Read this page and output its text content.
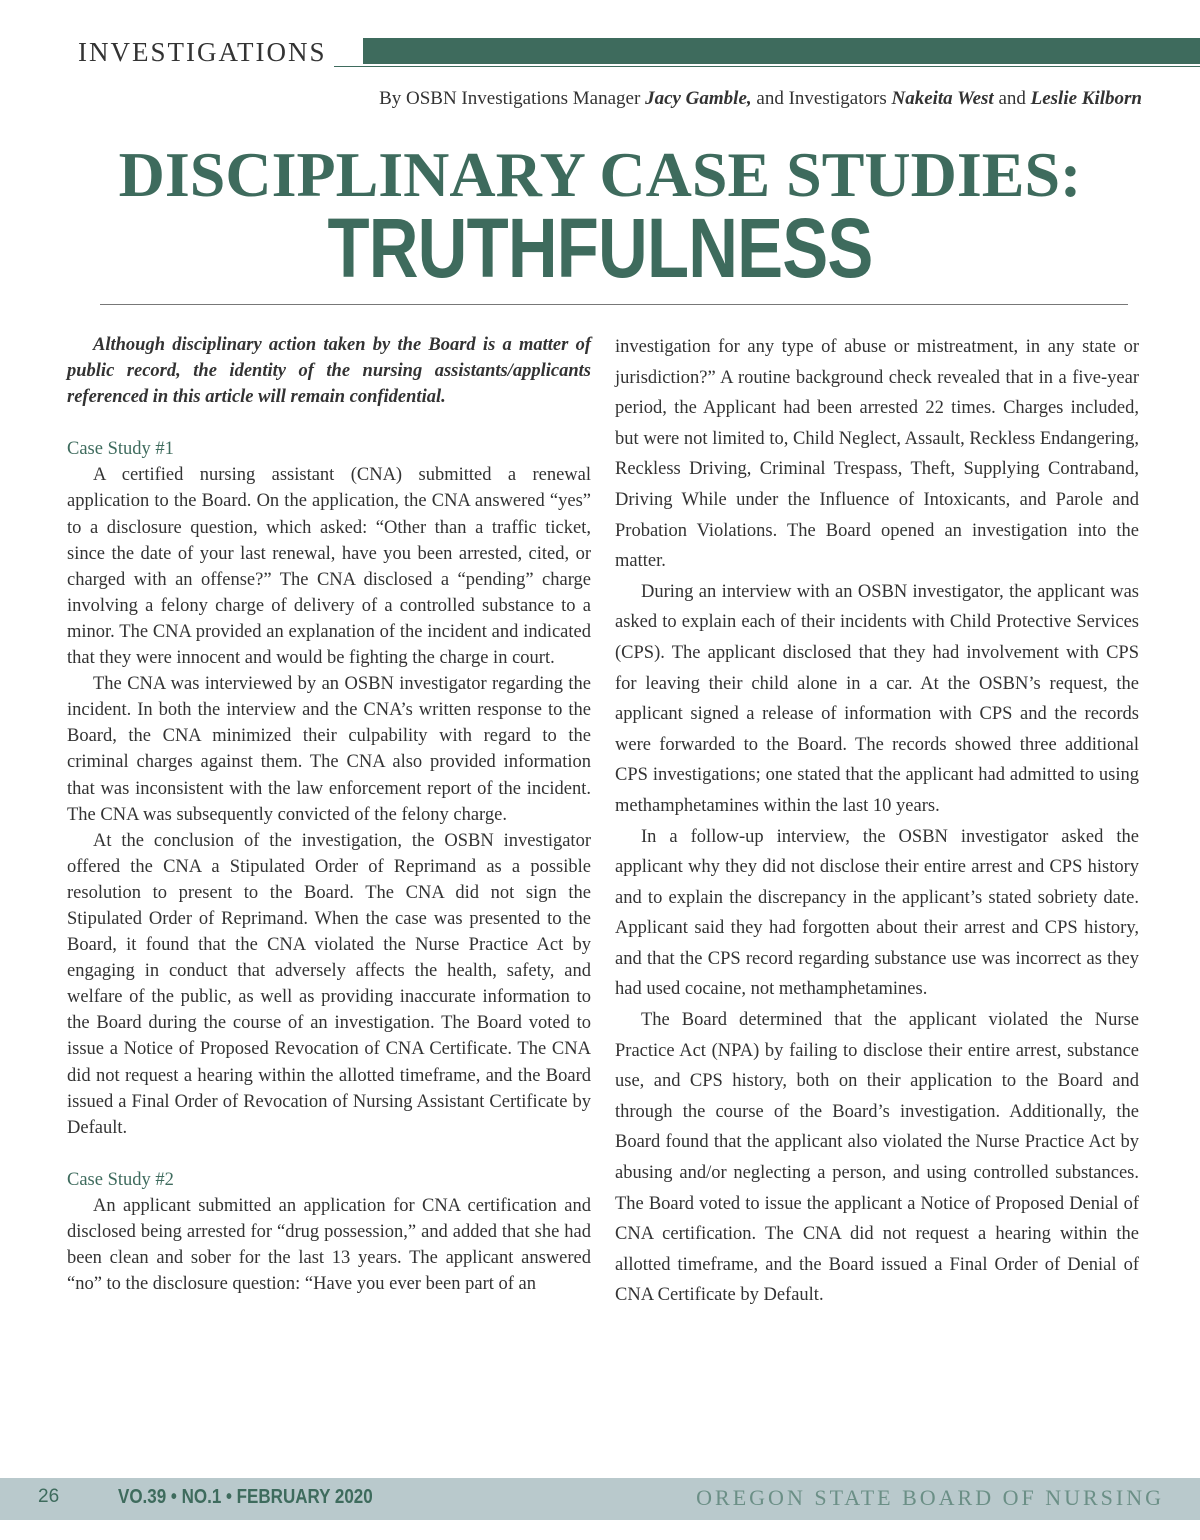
INVESTIGATIONS
By OSBN Investigations Manager Jacy Gamble, and Investigators Nakeita West and Leslie Kilborn
DISCIPLINARY CASE STUDIES:
TRUTHFULNESS

Although disciplinary action taken by the Board is a matter of public record, the identity of the nursing assistants/applicants referenced in this article will remain confidential.

Case Study #1

A certified nursing assistant (CNA) submitted a renewal application to the Board. On the application, the CNA answered “yes” to a disclosure question, which asked: “Other than a traffic ticket, since the date of your last renewal, have you been arrested, cited, or charged with an offense?” The CNA disclosed a “pending” charge involving a felony charge of delivery of a controlled substance to a minor. The CNA provided an explanation of the incident and indicated that they were innocent and would be fighting the charge in court.

The CNA was interviewed by an OSBN investigator regarding the incident. In both the interview and the CNA’s written response to the Board, the CNA minimized their culpability with regard to the criminal charges against them. The CNA also provided information that was inconsistent with the law enforcement report of the incident. The CNA was subsequently convicted of the felony charge.

At the conclusion of the investigation, the OSBN investigator offered the CNA a Stipulated Order of Reprimand as a possible resolution to present to the Board. The CNA did not sign the Stipulated Order of Reprimand. When the case was presented to the Board, it found that the CNA violated the Nurse Practice Act by engaging in conduct that adversely affects the health, safety, and welfare of the public, as well as providing inaccurate information to the Board during the course of an investigation. The Board voted to issue a Notice of Proposed Revocation of CNA Certificate. The CNA did not request a hearing within the allotted timeframe, and the Board issued a Final Order of Revocation of Nursing Assistant Certificate by Default.

Case Study #2

An applicant submitted an application for CNA certification and disclosed being arrested for “drug possession,” and added that she had been clean and sober for the last 13 years. The applicant answered “no” to the disclosure question: “Have you ever been part of an

investigation for any type of abuse or mistreatment, in any state or jurisdiction?” A routine background check revealed that in a five-year period, the Applicant had been arrested 22 times. Charges included, but were not limited to, Child Neglect, Assault, Reckless Endangering, Reckless Driving, Criminal Trespass, Theft, Supplying Contraband, Driving While under the Influence of Intoxicants, and Parole and Probation Violations. The Board opened an investigation into the matter.

During an interview with an OSBN investigator, the applicant was asked to explain each of their incidents with Child Protective Services (CPS). The applicant disclosed that they had involvement with CPS for leaving their child alone in a car. At the OSBN’s request, the applicant signed a release of information with CPS and the records were forwarded to the Board. The records showed three additional CPS investigations; one stated that the applicant had admitted to using methamphetamines within the last 10 years.

In a follow-up interview, the OSBN investigator asked the applicant why they did not disclose their entire arrest and CPS history and to explain the discrepancy in the applicant’s stated sobriety date. Applicant said they had forgotten about their arrest and CPS history, and that the CPS record regarding substance use was incorrect as they had used cocaine, not methamphetamines.

The Board determined that the applicant violated the Nurse Practice Act (NPA) by failing to disclose their entire arrest, substance use, and CPS history, both on their application to the Board and through the course of the Board’s investigation. Additionally, the Board found that the applicant also violated the Nurse Practice Act by abusing and/or neglecting a person, and using controlled substances. The Board voted to issue the applicant a Notice of Proposed Denial of CNA certification. The CNA did not request a hearing within the allotted timeframe, and the Board issued a Final Order of Denial of CNA Certificate by Default.

26	VO.39 • NO.1 • FEBRUARY 2020	OREGON STATE BOARD OF NURSING
